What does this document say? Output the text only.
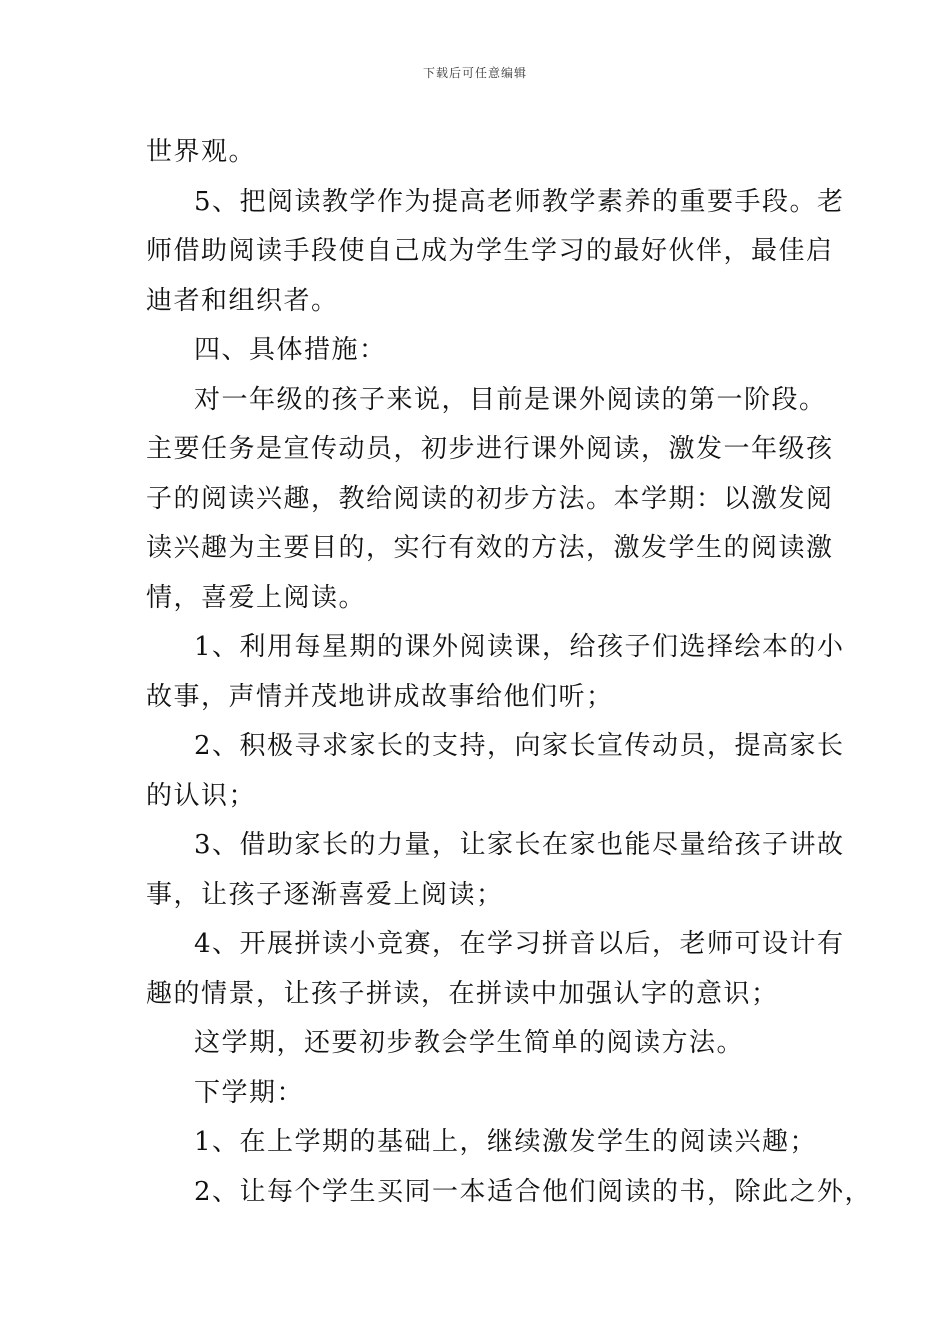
下载后可任意编辑

世界观。

5、把阅读教学作为提高老师教学素养的重要手段。老

师借助阅读手段使自己成为学生学习的最好伙伴，最佳启

迪者和组织者。

四、具体措施：

对一年级的孩子来说，目前是课外阅读的第一阶段。

主要任务是宣传动员，初步进行课外阅读，激发一年级孩

子的阅读兴趣，教给阅读的初步方法。本学期：以激发阅

读兴趣为主要目的，实行有效的方法，激发学生的阅读激

情，喜爱上阅读。

1、利用每星期的课外阅读课，给孩子们选择绘本的小

故事，声情并茂地讲成故事给他们听；

2、积极寻求家长的支持，向家长宣传动员，提高家长

的认识；

3、借助家长的力量，让家长在家也能尽量给孩子讲故

事，让孩子逐渐喜爱上阅读；

4、开展拼读小竞赛，在学习拼音以后，老师可设计有

趣的情景，让孩子拼读，在拼读中加强认字的意识；

这学期，还要初步教会学生简单的阅读方法。

下学期：

1、在上学期的基础上，继续激发学生的阅读兴趣；

2、让每个学生买同一本适合他们阅读的书，除此之外，
